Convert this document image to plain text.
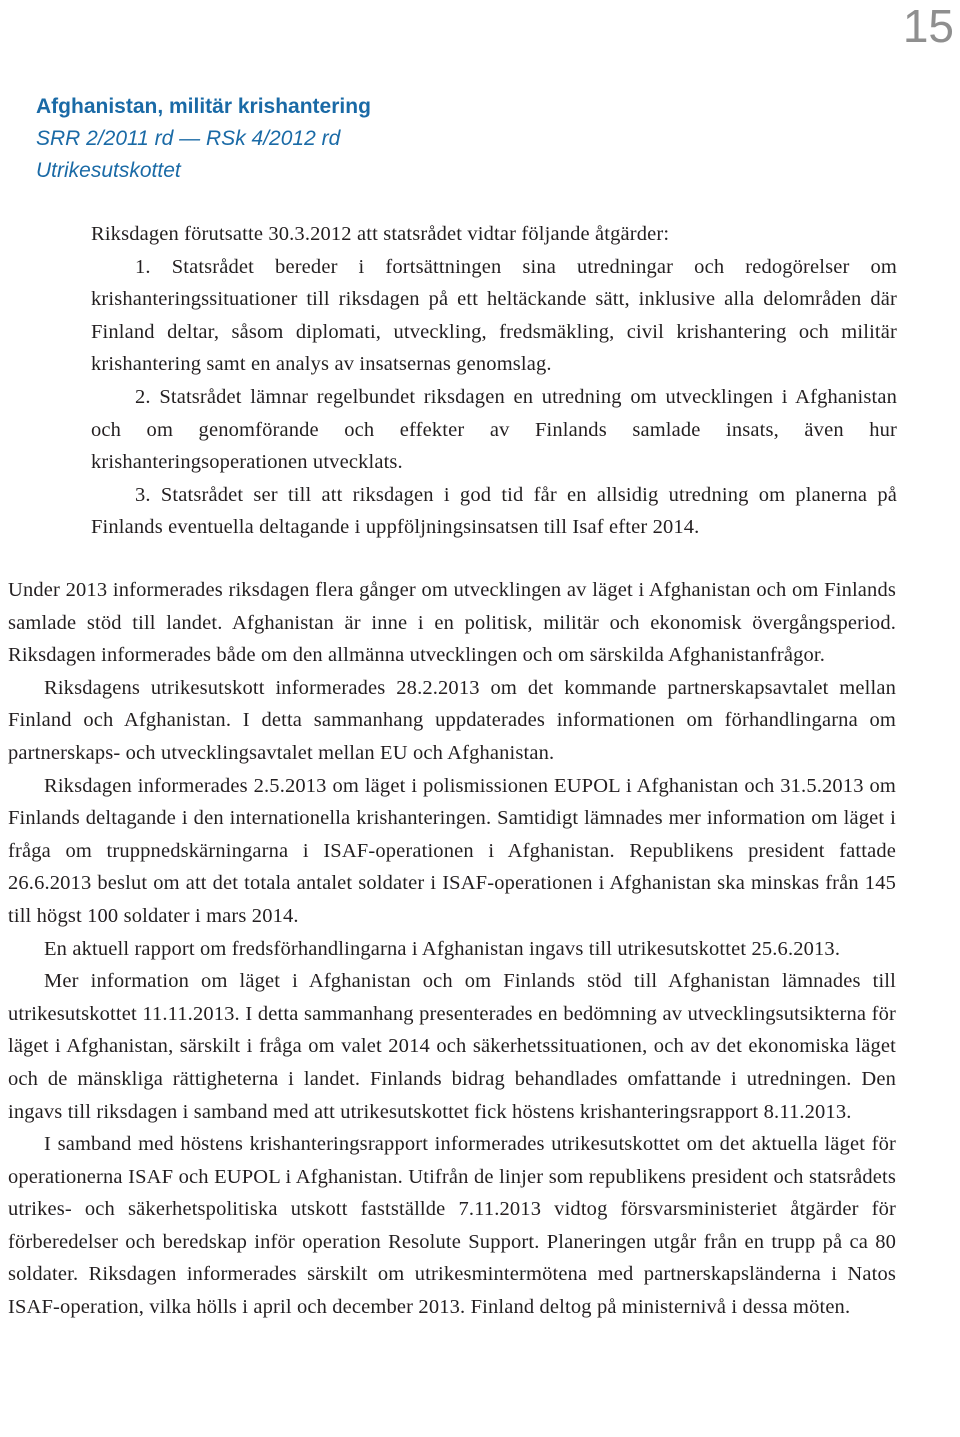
15
Afghanistan, militär krishantering
SRR 2/2011 rd — RSk 4/2012 rd
Utrikesutskottet

Riksdagen förutsatte 30.3.2012 att statsrådet vidtar följande åtgärder:

1. Statsrådet bereder i fortsättningen sina utredningar och redogörelser om krishanteringssituationer till riksdagen på ett heltäckande sätt, inklusive alla delområden där Finland deltar, såsom diplomati, utveckling, fredsmäkling, civil krishantering och militär krishantering samt en analys av insatsernas genomslag.

2. Statsrådet lämnar regelbundet riksdagen en utredning om utvecklingen i Afghanistan och om genomförande och effekter av Finlands samlade insats, även hur krishanteringsoperationen utvecklats.

3. Statsrådet ser till att riksdagen i god tid får en allsidig utredning om planerna på Finlands eventuella deltagande i uppföljningsinsatsen till Isaf efter 2014.

Under 2013 informerades riksdagen flera gånger om utvecklingen av läget i Afghanistan och om Finlands samlade stöd till landet. Afghanistan är inne i en politisk, militär och ekonomisk övergångsperiod. Riksdagen informerades både om den allmänna utvecklingen och om särskilda Afghanistanfrågor.

Riksdagens utrikesutskott informerades 28.2.2013 om det kommande partnerskapsavtalet mellan Finland och Afghanistan. I detta sammanhang uppdaterades informationen om förhandlingarna om partnerskaps- och utvecklingsavtalet mellan EU och Afghanistan.

Riksdagen informerades 2.5.2013 om läget i polismissionen EUPOL i Afghanistan och 31.5.2013 om Finlands deltagande i den internationella krishanteringen. Samtidigt lämnades mer information om läget i fråga om truppnedskärningarna i ISAF-operationen i Afghanistan. Republikens president fattade 26.6.2013 beslut om att det totala antalet soldater i ISAF-operationen i Afghanistan ska minskas från 145 till högst 100 soldater i mars 2014.

En aktuell rapport om fredsförhandlingarna i Afghanistan ingavs till utrikesutskottet 25.6.2013.

Mer information om läget i Afghanistan och om Finlands stöd till Afghanistan lämnades till utrikesutskottet 11.11.2013. I detta sammanhang presenterades en bedömning av utvecklingsutsikterna för läget i Afghanistan, särskilt i fråga om valet 2014 och säkerhetssituationen, och av det ekonomiska läget och de mänskliga rättigheterna i landet. Finlands bidrag behandlades omfattande i utredningen. Den ingavs till riksdagen i samband med att utrikesutskottet fick höstens krishanteringsrapport 8.11.2013.

I samband med höstens krishanteringsrapport informerades utrikesutskottet om det aktuella läget för operationerna ISAF och EUPOL i Afghanistan. Utifrån de linjer som republikens president och statsrådets utrikes- och säkerhetspolitiska utskott fastställde 7.11.2013 vidtog försvarsministeriet åtgärder för förberedelser och beredskap inför operation Resolute Support. Planeringen utgår från en trupp på ca 80 soldater. Riksdagen informerades särskilt om utrikesmintermötena med partnerskapsländerna i Natos ISAF-operation, vilka hölls i april och december 2013. Finland deltog på ministernivå i dessa möten.
